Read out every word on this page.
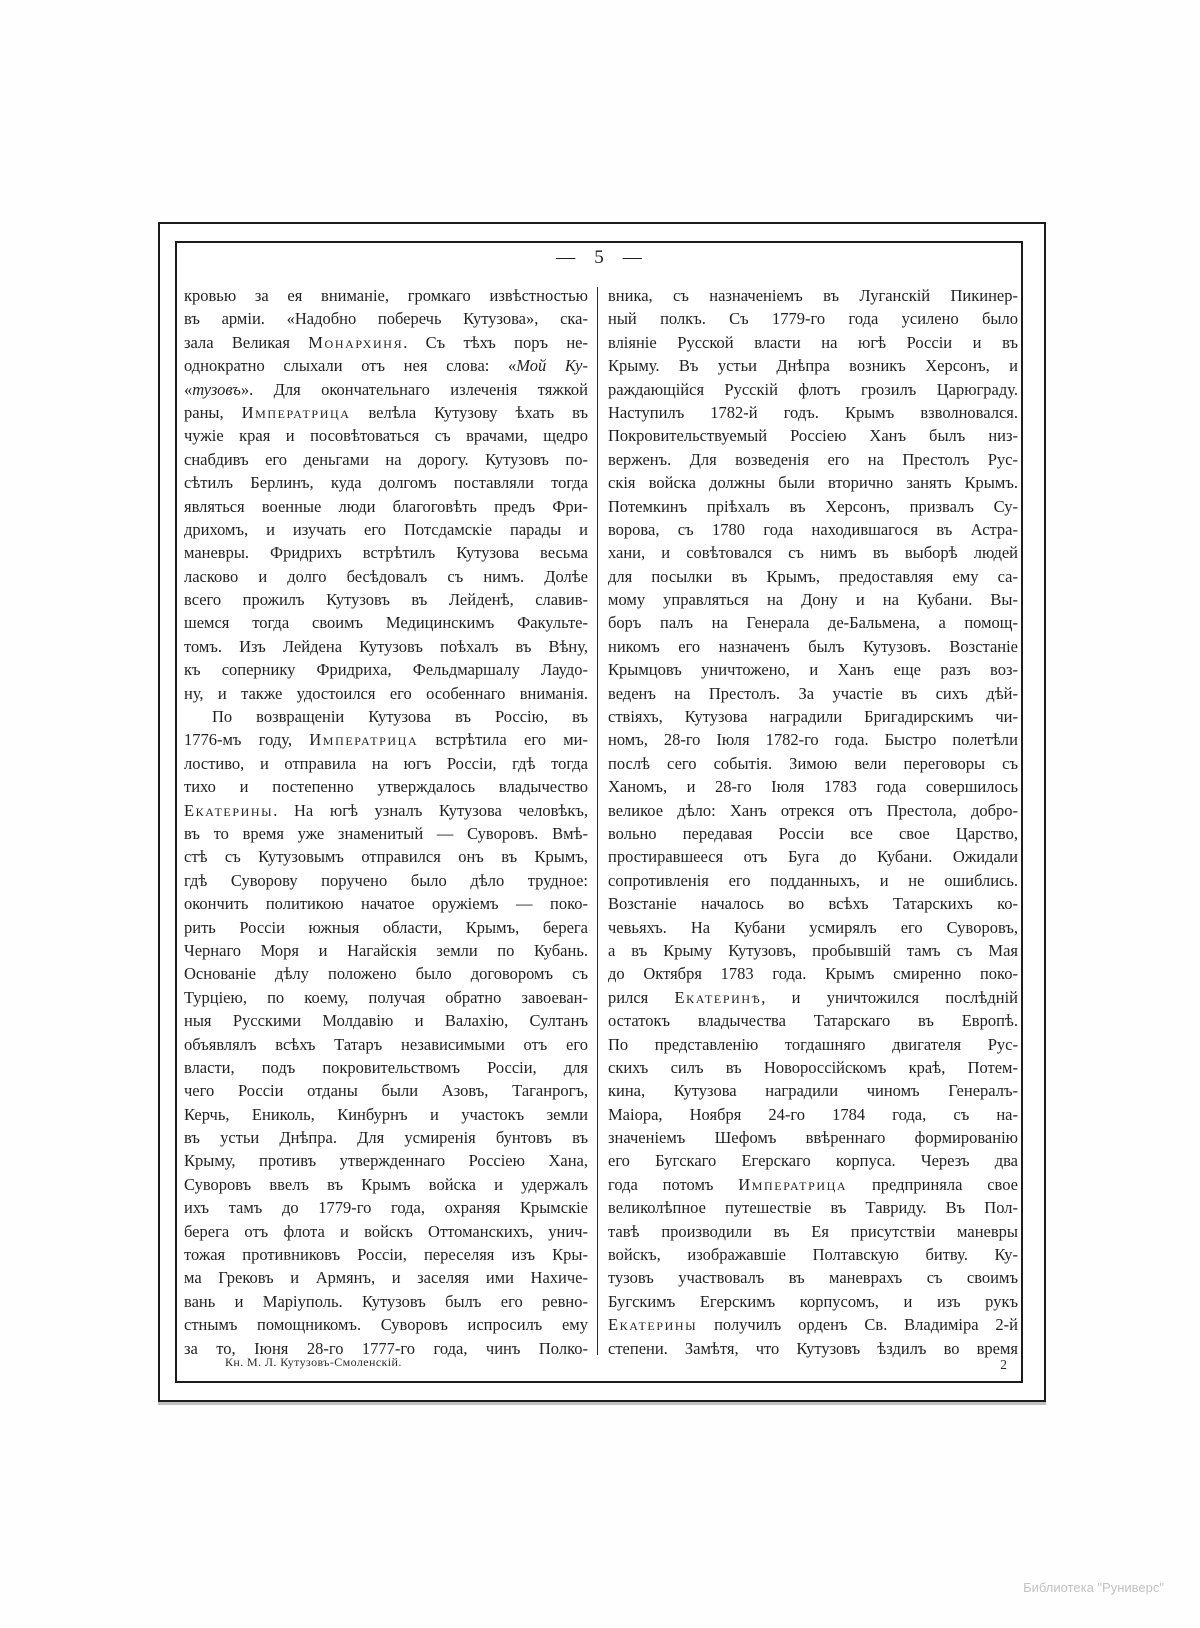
—    5    —
кровью за ея вниманіе, громкаго извѣстностью
въ арміи. «Надобно поберечь Кутузова», ска-
зала Великая Монархиня. Съ тѣхъ поръ не-
однократно слыхали отъ нея слова: «Мой Ку-
«тузовъ». Для окончательнаго излеченія тяжкой
раны, Императрица велѣла Кутузову ѣхать въ
чужіе края и посовѣтоваться съ врачами, щедро
снабдивъ его деньгами на дорогу. Кутузовъ по-
сѣтилъ Берлинъ, куда долгомъ поставляли тогда
являться военные люди благоговѣть предъ Фри-
дрихомъ, и изучать его Потсдамскіе парады и
маневры. Фридрихъ встрѣтилъ Кутузова весьма
ласково и долго бесѣдовалъ съ нимъ. Долѣе
всего прожилъ Кутузовъ въ Лейденѣ, славив-
шемся тогда своимъ Медицинскимъ Факульте-
томъ. Изъ Лейдена Кутузовъ поѣхалъ въ Вѣну,
къ сопернику Фридриха, Фельдмаршалу Лаудо-
ну, и также удостоился его особеннаго вниманія.
По возвращеніи Кутузова въ Россію, въ
1776-мъ году, Императрица встрѣтила его ми-
лостиво, и отправила на югъ Россіи, гдѣ тогда
тихо и постепенно утверждалось владычество
Екатерины. На югѣ узналъ Кутузова человѣкъ,
въ то время уже знаменитый — Суворовъ. Вмѣ-
стѣ съ Кутузовымъ отправился онъ въ Крымъ,
гдѣ Суворову поручено было дѣло трудное:
окончить политикою начатое оружіемъ — поко-
рить Россіи южныя области, Крымъ, берега
Чернаго Моря и Нагайскія земли по Кубань.
Основаніе дѣлу положено было договоромъ съ
Турціею, по коему, получая обратно завоеван-
ныя Русскими Молдавію и Валахію, Султанъ
объявлялъ всѣхъ Татаръ независимыми отъ его
власти, подъ покровительствомъ Россіи, для
чего Россіи отданы были Азовъ, Таганрогъ,
Керчь, Ениколь, Кинбурнъ и участокъ земли
въ устьи Днѣпра. Для усмиренія бунтовъ въ
Крыму, противъ утвержденнаго Россіею Хана,
Суворовъ ввелъ въ Крымъ войска и удержалъ
ихъ тамъ до 1779-го года, охраняя Крымскіе
берега отъ флота и войскъ Оттоманскихъ, унич-
тожая противниковъ Россіи, переселяя изъ Кры-
ма Грековъ и Армянъ, и заселяя ими Нахиче-
вань и Маріуполь. Кутузовъ былъ его ревно-
стнымъ помощникомъ. Суворовъ испросилъ ему
за то, Іюня 28-го 1777-го года, чинъ Полко-
вника, съ назначеніемъ въ Луганскій Пикинер-
ный полкъ. Съ 1779-го года усилено было
вліяніе Русской власти на югѣ Россіи и въ
Крыму. Въ устьи Днѣпра возникъ Херсонъ, и
раждающійся Русскій флотъ грозилъ Царюграду.
Наступилъ 1782-й годъ. Крымъ взволновался.
Покровительствуемый Россіею Ханъ былъ низ-
верженъ. Для возведенія его на Престолъ Рус-
скія войска должны были вторично занять Крымъ.
Потемкинъ пріѣхалъ въ Херсонъ, призвалъ Су-
ворова, съ 1780 года находившагося въ Астра-
хани, и совѣтовался съ нимъ въ выборѣ людей
для посылки въ Крымъ, предоставляя ему са-
мому управляться на Дону и на Кубани. Вы-
боръ палъ на Генерала де-Бальмена, а помощ-
никомъ его назначенъ былъ Кутузовъ. Возстаніе
Крымцовъ уничтожено, и Ханъ еще разъ воз-
веденъ на Престолъ. За участіе въ сихъ дѣй-
ствіяхъ, Кутузова наградили Бригадирскимъ чи-
номъ, 28-го Іюля 1782-го года. Быстро полетѣли
послѣ сего событія. Зимою вели переговоры съ
Ханомъ, и 28-го Іюля 1783 года совершилось
великое дѣло: Ханъ отрекся отъ Престола, добро-
вольно передавая Россіи все свое Царство,
простиравшееся отъ Буга до Кубани. Ожидали
сопротивленія его подданныхъ, и не ошиблись.
Возстаніе началось во всѣхъ Татарскихъ ко-
чевьяхъ. На Кубани усмирялъ его Суворовъ,
а въ Крыму Кутузовъ, пробывшій тамъ съ Мая
до Октября 1783 года. Крымъ смиренно поко-
рился Екатеринѣ, и уничтожился послѣдній
остатокъ владычества Татарскаго въ Европѣ.
По представленію тогдашняго двигателя Рус-
скихъ силъ въ Новороссійскомъ краѣ, Потем-
кина, Кутузова наградили чиномъ Генералъ-
Маіора, Ноября 24-го 1784 года, съ на-
значеніемъ Шефомъ ввѣреннаго формированію
его Бугскаго Егерскаго корпуса. Черезъ два
года потомъ Императрица предприняла свое
великолѣпное путешествіе въ Тавриду. Въ Пол-
тавѣ производили въ Ея присутствіи маневры
войскъ, изображавшіе Полтавскую битву. Ку-
тузовъ участвовалъ въ маневрахъ съ своимъ
Бугскимъ Егерскимъ корпусомъ, и изъ рукъ
Екатерины получилъ орденъ Св. Владиміра 2-й
степени. Замѣтя, что Кутузовъ ѣздилъ во время
Кн. М. Л. Кутузовъ-Смоленскій.	2
Библиотека "Руниверс"
